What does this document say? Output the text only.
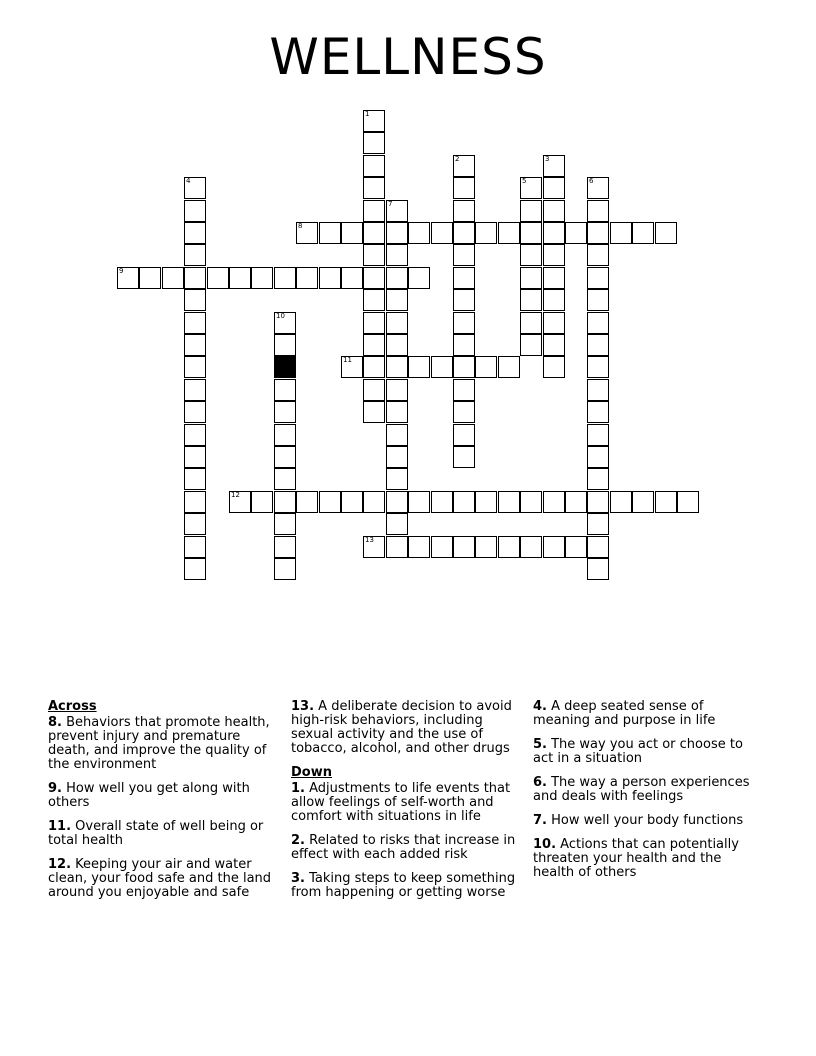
WELLNESS
1
2	3
4	5	6
7
8
9
10
11
12
13
Across
8. Behaviors that promote health, prevent injury and premature death, and improve the quality of the environment
9. How well you get along with others
11. Overall state of well being or total health
12. Keeping your air and water clean, your food safe and the land around you enjoyable and safe
13. A deliberate decision to avoid high-risk behaviors, including sexual activity and the use of tobacco, alcohol, and other drugs
Down
1. Adjustments to life events that allow feelings of self-worth and comfort with situations in life
2. Related to risks that increase in effect with each added risk
3. Taking steps to keep something from happening or getting worse
4. A deep seated sense of meaning and purpose in life
5. The way you act or choose to act in a situation
6. The way a person experiences and deals with feelings
7. How well your body functions
10. Actions that can potentially threaten your health and the health of others
